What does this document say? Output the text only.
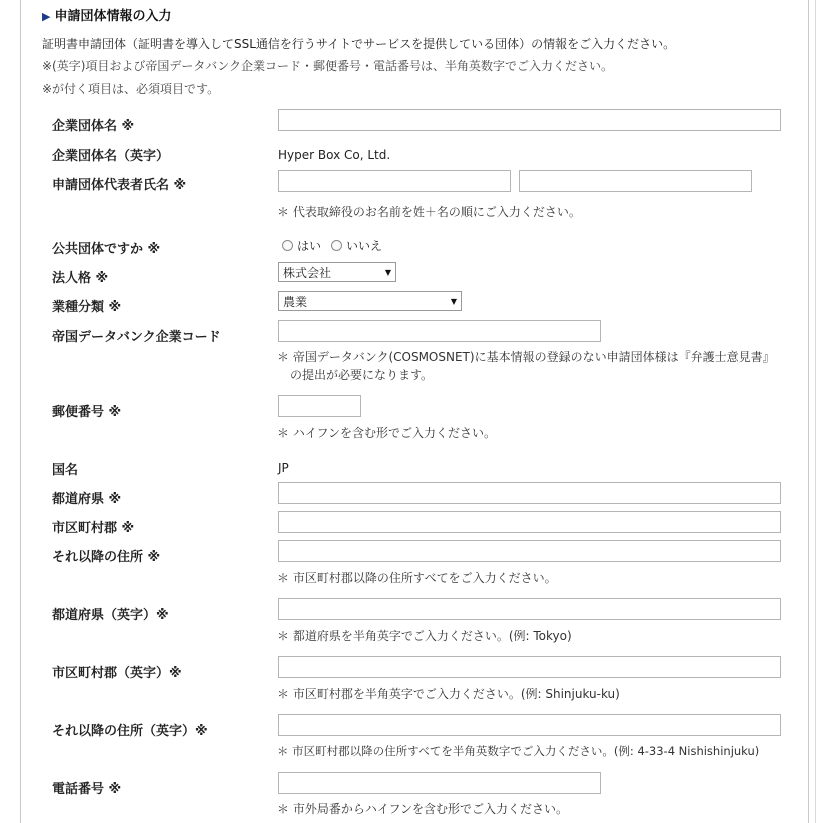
▶ 申請団体情報の入力
証明書申請団体（証明書を導入してSSL通信を行うサイトでサービスを提供している団体）の情報をご入力ください。
※(英字)項目および帝国データバンク企業コード・郵便番号・電話番号は、半角英数字でご入力ください。
※が付く項目は、必須項目です。
企業団体名 ※
企業団体名（英字）	Hyper Box Co, Ltd.
申請団体代表者氏名 ※
＊ 代表取締役のお名前を姓＋名の順にご入力ください。
公共団体ですか ※	はい いいえ
法人格 ※	株式会社	▼
業種分類 ※	農業	▼
帝国データバンク企業コード
＊ 帝国データバンク(COSMOSNET)に基本情報の登録のない申請団体様は『弁護士意見書』
の提出が必要になります。
郵便番号 ※
＊ ハイフンを含む形でご入力ください。
国名	JP
都道府県 ※
市区町村郡 ※
それ以降の住所 ※
＊ 市区町村郡以降の住所すべてをご入力ください。
都道府県（英字）※
＊ 都道府県を半角英字でご入力ください。(例: Tokyo)
市区町村郡（英字）※
＊ 市区町村郡を半角英字でご入力ください。(例: Shinjuku-ku)
それ以降の住所（英字）※
＊ 市区町村郡以降の住所すべてを半角英数字でご入力ください。(例: 4-33-4 Nishishinjuku)
電話番号 ※
＊ 市外局番からハイフンを含む形でご入力ください。
